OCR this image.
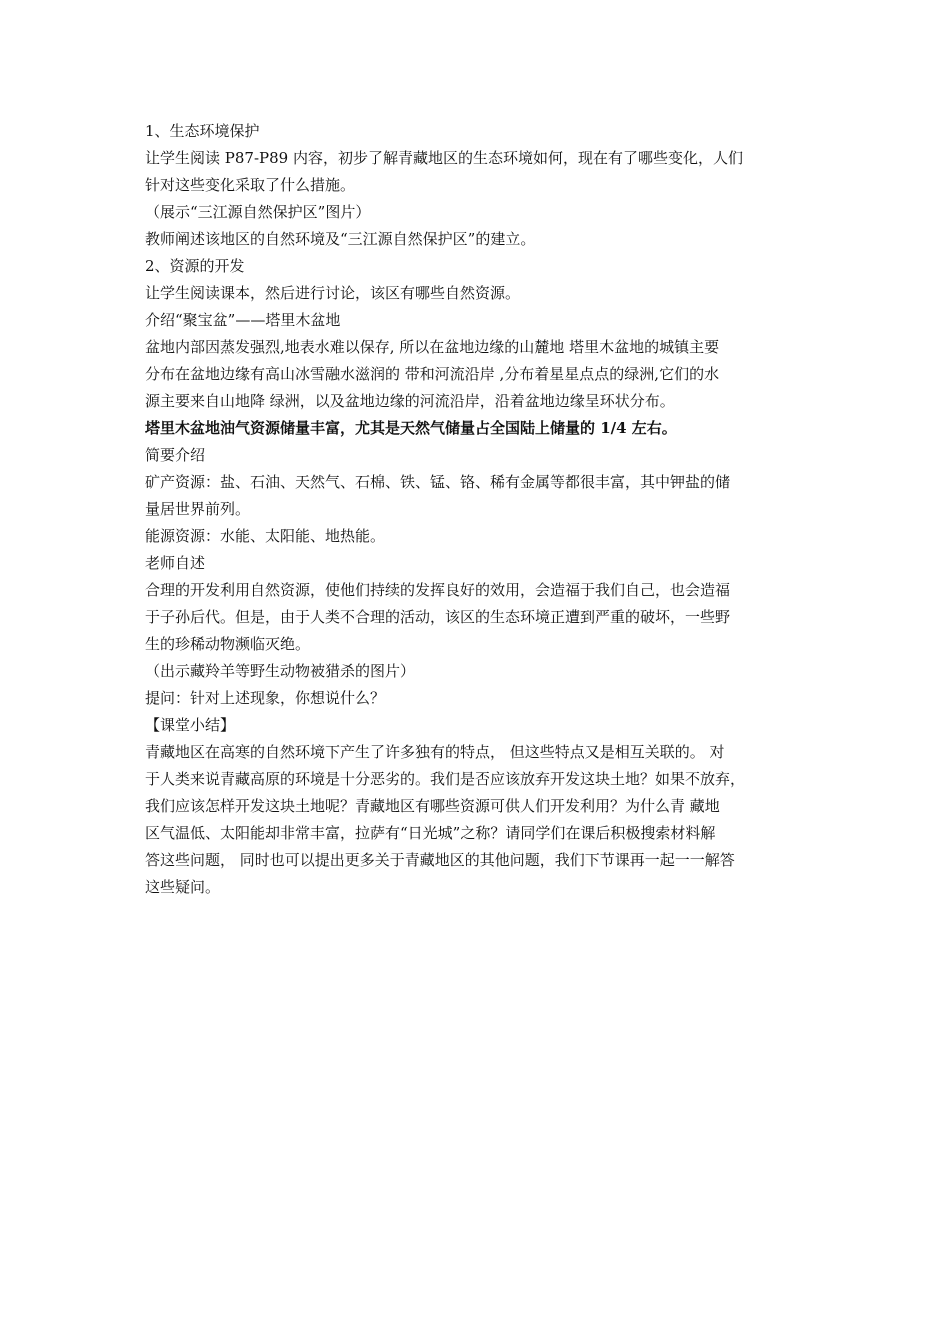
1、生态环境保护
让学生阅读 P87-P89 内容，初步了解青藏地区的生态环境如何，现在有了哪些变化，人们
针对这些变化采取了什么措施。
（展示“三江源自然保护区”图片）
教师阐述该地区的自然环境及“三江源自然保护区”的建立。
2、资源的开发
让学生阅读课本，然后进行讨论，该区有哪些自然资源。
介绍“聚宝盆”——塔里木盆地
盆地内部因蒸发强烈,地表水难以保存, 所以在盆地边缘的山麓地 塔里木盆地的城镇主要
分布在盆地边缘有高山冰雪融水滋润的 带和河流沿岸 ,分布着星星点点的绿洲,它们的水
源主要来自山地降 绿洲，以及盆地边缘的河流沿岸，沿着盆地边缘呈环状分布。
塔里木盆地油气资源储量丰富，尤其是天然气储量占全国陆上储量的 1/4 左右。
简要介绍
矿产资源：盐、石油、天然气、石棉、铁、锰、铬、稀有金属等都很丰富，其中钾盐的储
量居世界前列。
能源资源：水能、太阳能、地热能。
老师自述
合理的开发利用自然资源，使他们持续的发挥良好的效用，会造福于我们自己，也会造福
于子孙后代。但是，由于人类不合理的活动，该区的生态环境正遭到严重的破坏，一些野
生的珍稀动物濒临灭绝。
（出示藏羚羊等野生动物被猎杀的图片）
提问：针对上述现象，你想说什么？
【课堂小结】
青藏地区在高寒的自然环境下产生了许多独有的特点， 但这些特点又是相互关联的。 对
于人类来说青藏高原的环境是十分恶劣的。我们是否应该放弃开发这块土地？如果不放弃，
我们应该怎样开发这块土地呢？青藏地区有哪些资源可供人们开发利用？为什么青 藏地
区气温低、太阳能却非常丰富，拉萨有“日光城”之称？请同学们在课后积极搜索材料解
答这些问题， 同时也可以提出更多关于青藏地区的其他问题，我们下节课再一起一一解答
这些疑问。
